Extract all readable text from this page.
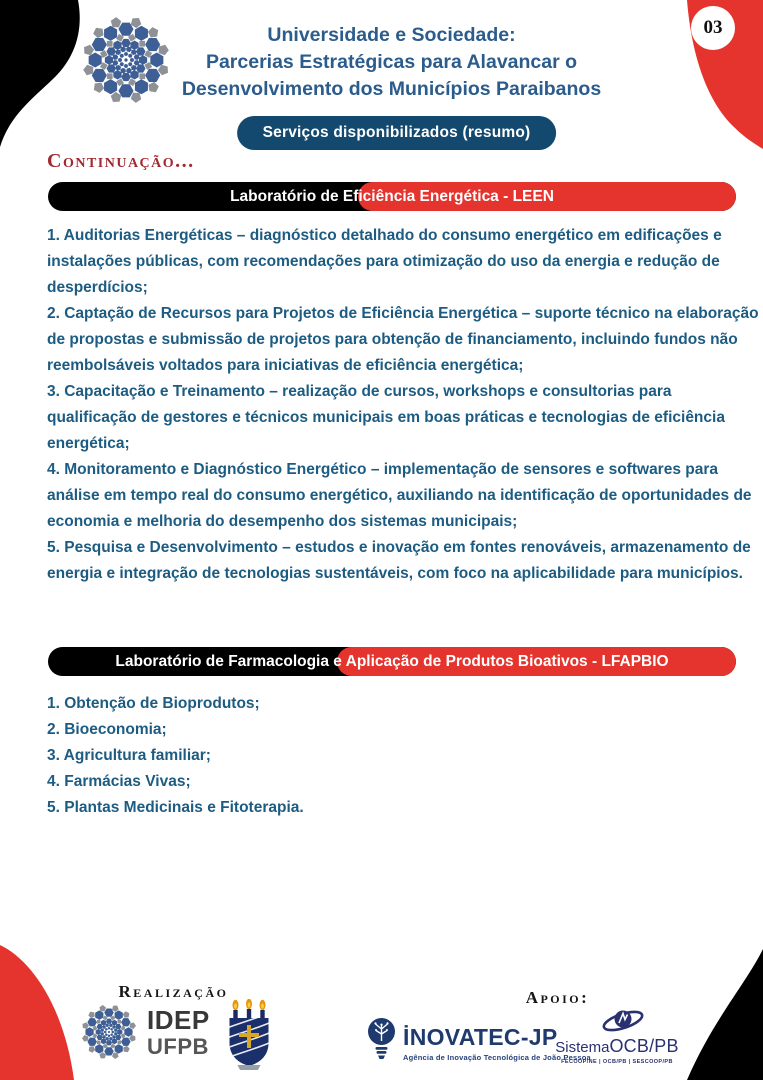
03
Universidade e Sociedade:
Parcerias Estratégicas para Alavancar o
Desenvolvimento dos Municípios Paraibanos
Serviços disponibilizados (resumo)
Continuação...
Laboratório de Eficiência Energética - LEEN

1. Auditorias Energéticas – diagnóstico detalhado do consumo energético em edificações e instalações públicas, com recomendações para otimização do uso da energia e redução de desperdícios;

2. Captação de Recursos para Projetos de Eficiência Energética – suporte técnico na elaboração de propostas e submissão de projetos para obtenção de financiamento, incluindo fundos não reembolsáveis voltados para iniciativas de eficiência energética;

3. Capacitação e Treinamento – realização de cursos, workshops e consultorias para qualificação de gestores e técnicos municipais em boas práticas e tecnologias de eficiência energética;

4. Monitoramento e Diagnóstico Energético – implementação de sensores e softwares para análise em tempo real do consumo energético, auxiliando na identificação de oportunidades de economia e melhoria do desempenho dos sistemas municipais;

5. Pesquisa e Desenvolvimento – estudos e inovação em fontes renováveis, armazenamento de energia e integração de tecnologias sustentáveis, com foco na aplicabilidade para municípios.

Laboratório de Farmacologia e Aplicação de Produtos Bioativos - LFAPBIO

1. Obtenção de Bioprodutos;

2. Bioeconomia;

3. Agricultura familiar;

4. Farmácias Vivas;

5. Plantas Medicinais e Fitoterapia.

Realização
IDEP
UFPB
Apoio:
İNOVATEC-JP
Agência de Inovação Tecnológica de João Pessoa
Sistema OCB/PB
FECOOP/NE | OCB/PB | SESCOOP/PB
